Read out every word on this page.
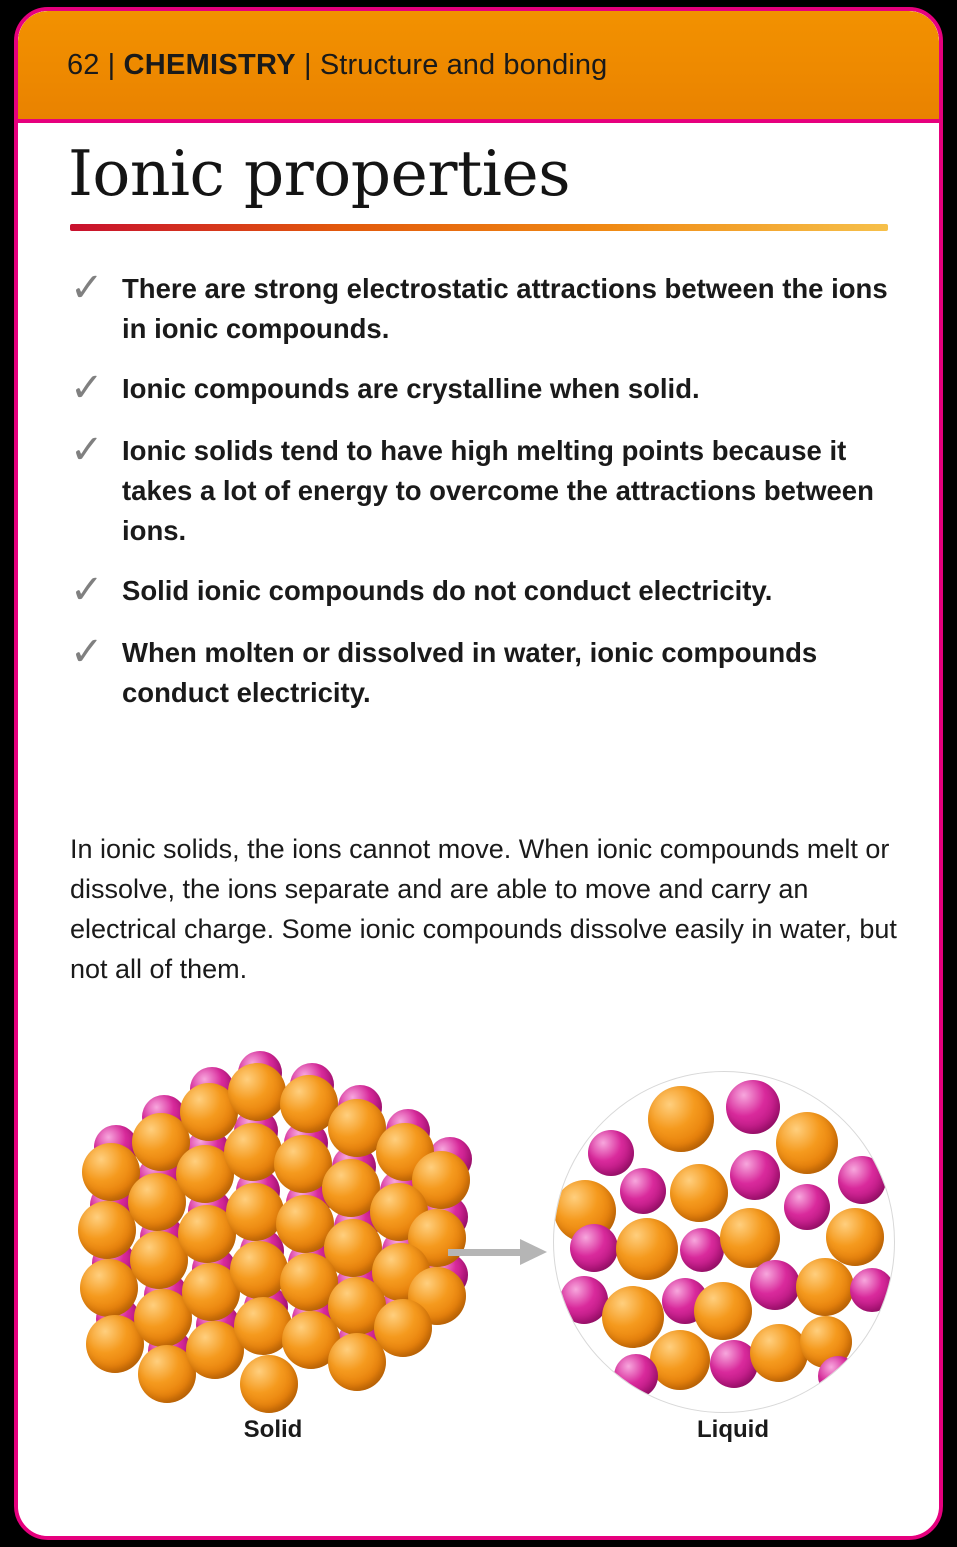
62 | CHEMISTRY | Structure and bonding
Ionic properties
✓ There are strong electrostatic attractions between the ions in ionic compounds.
✓ Ionic compounds are crystalline when solid.
✓ Ionic solids tend to have high melting points because it takes a lot of energy to overcome the attractions between ions.
✓ Solid ionic compounds do not conduct electricity.
✓ When molten or dissolved in water, ionic compounds conduct electricity.
In ionic solids, the ions cannot move. When ionic compounds melt or dissolve, the ions separate and are able to move and carry an electrical charge. Some ionic compounds dissolve easily in water, but not all of them.
Solid	Liquid
